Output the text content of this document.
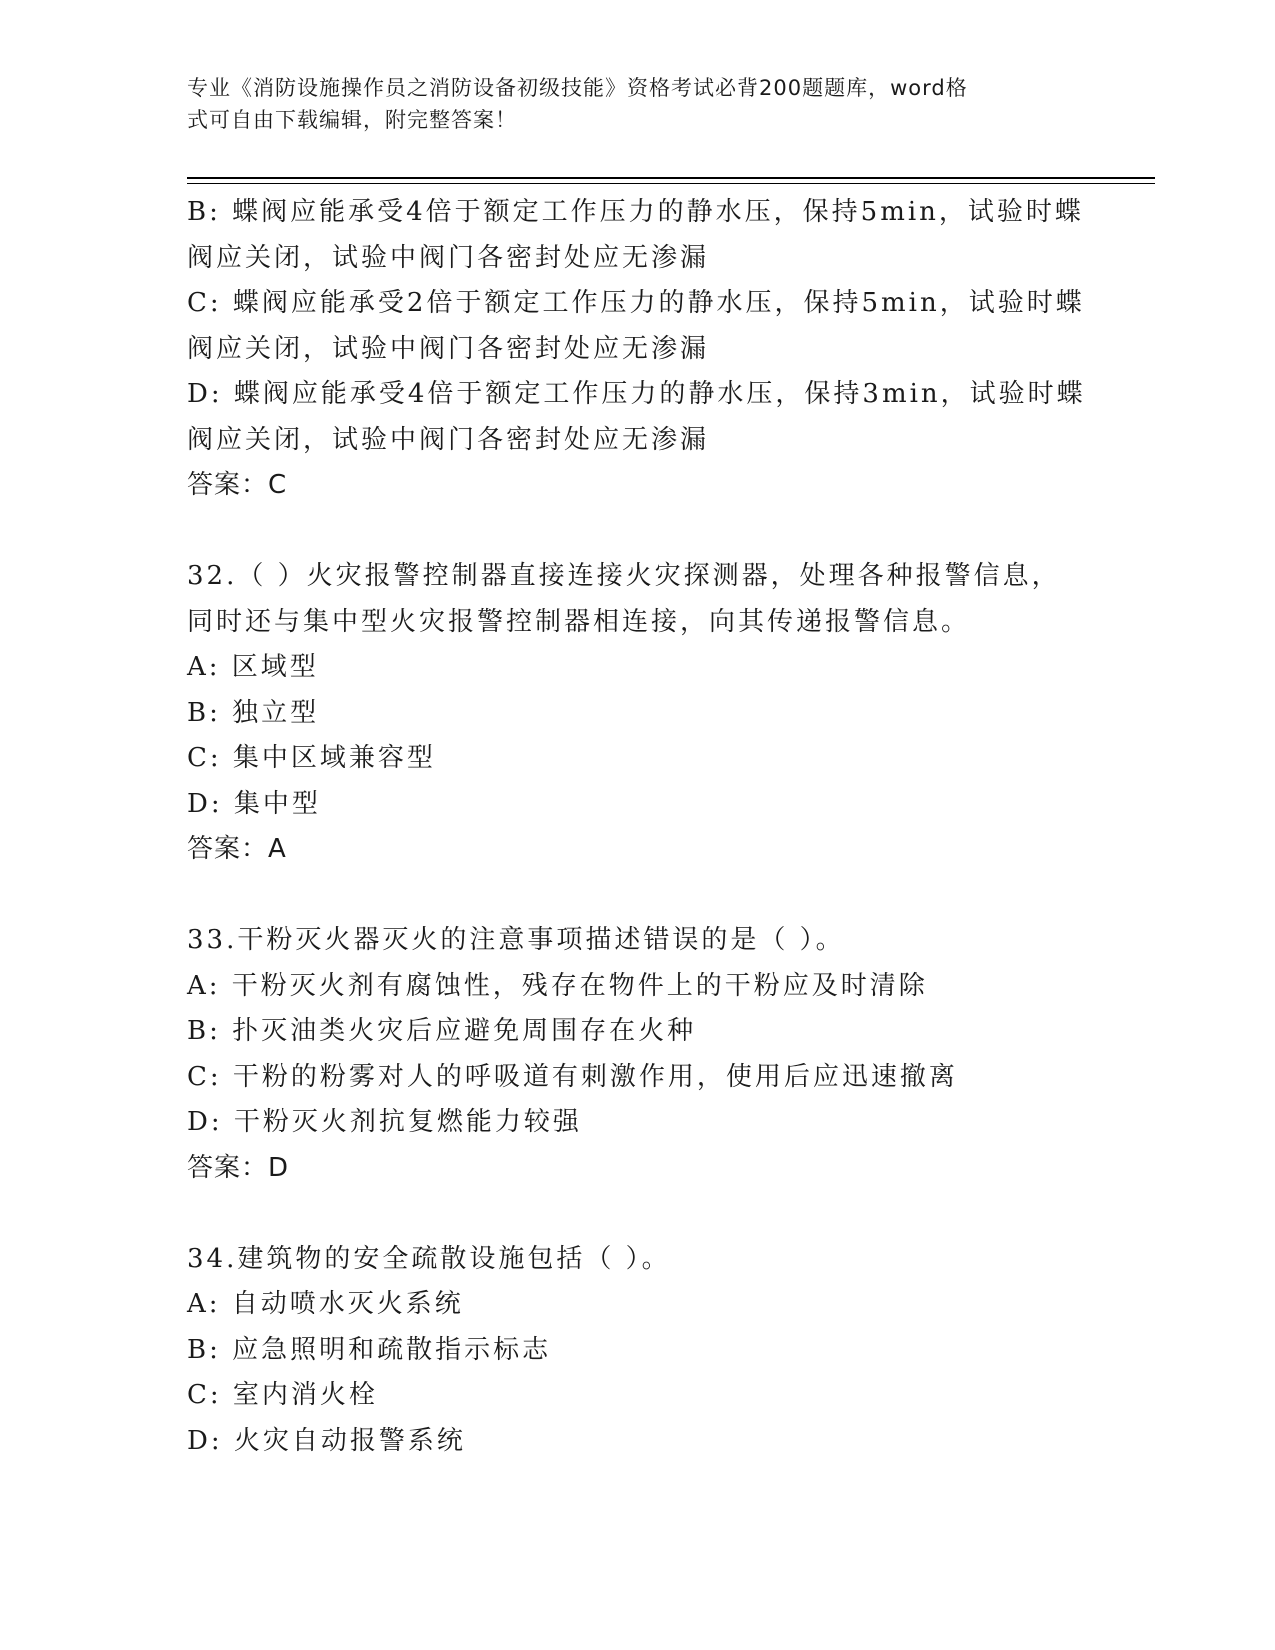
专业《消防设施操作员之消防设备初级技能》资格考试必背200题题库，word格
式可自由下载编辑，附完整答案！
B: 蝶阀应能承受4倍于额定工作压力的静水压，保持5min，试验时蝶
阀应关闭，试验中阀门各密封处应无渗漏
C: 蝶阀应能承受2倍于额定工作压力的静水压，保持5min，试验时蝶
阀应关闭，试验中阀门各密封处应无渗漏
D: 蝶阀应能承受4倍于额定工作压力的静水压，保持3min，试验时蝶
阀应关闭，试验中阀门各密封处应无渗漏
答案：C
32.（ ）火灾报警控制器直接连接火灾探测器，处理各种报警信息，
同时还与集中型火灾报警控制器相连接，向其传递报警信息。
A: 区域型
B: 独立型
C: 集中区域兼容型
D: 集中型
答案：A
33.干粉灭火器灭火的注意事项描述错误的是（ ）。
A: 干粉灭火剂有腐蚀性，残存在物件上的干粉应及时清除
B: 扑灭油类火灾后应避免周围存在火种
C: 干粉的粉雾对人的呼吸道有刺激作用，使用后应迅速撤离
D: 干粉灭火剂抗复燃能力较强
答案：D
34.建筑物的安全疏散设施包括（ ）。
A: 自动喷水灭火系统
B: 应急照明和疏散指示标志
C: 室内消火栓
D: 火灾自动报警系统
